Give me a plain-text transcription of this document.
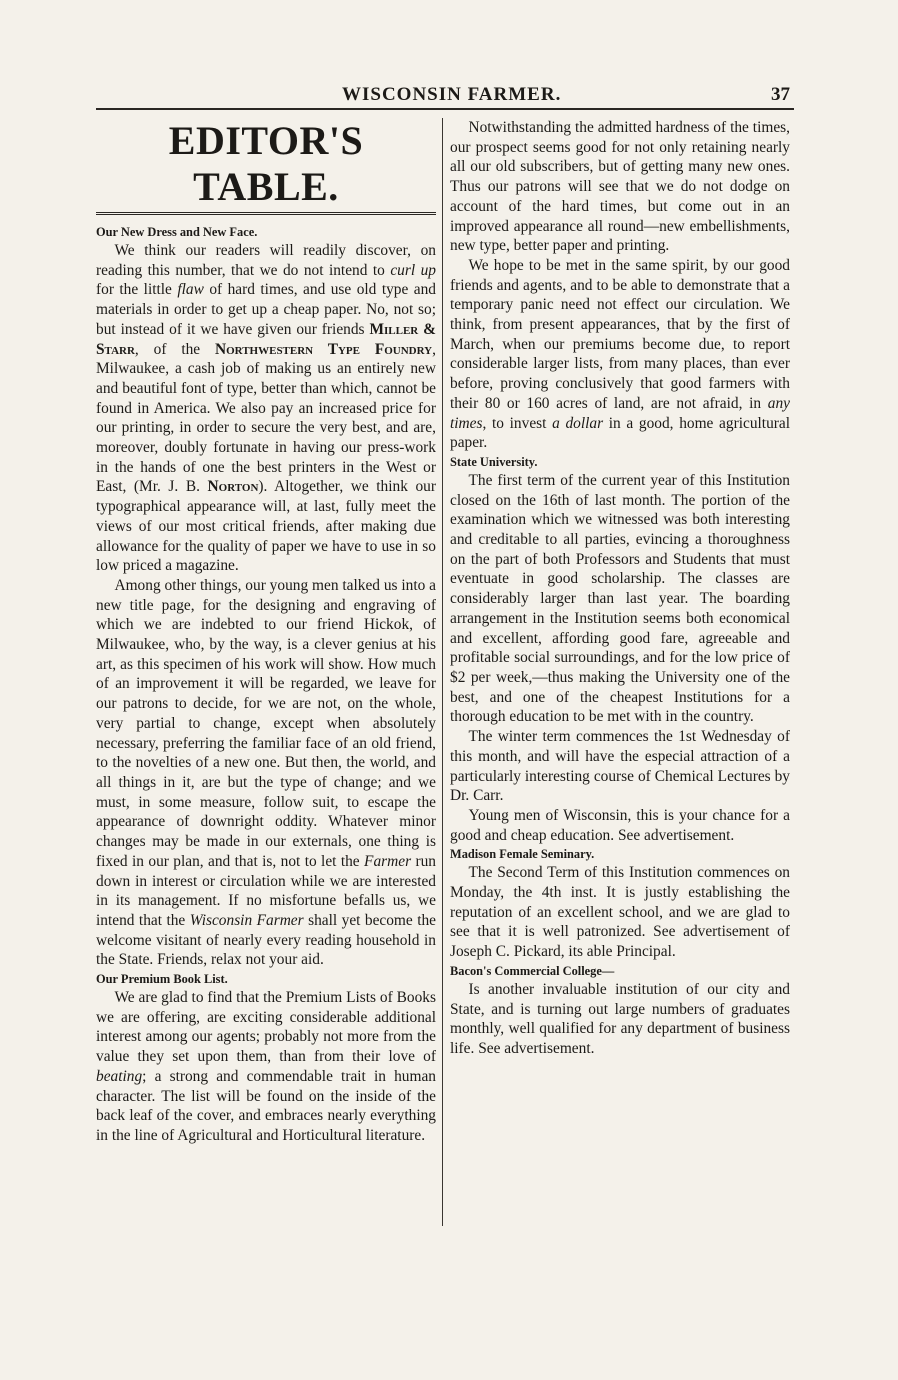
WISCONSIN FARMER.	37
EDITOR'S TABLE.
Our New Dress and New Face.

We think our readers will readily discover, on reading this number, that we do not intend to curl up for the little flaw of hard times, and use old type and materials in order to get up a cheap paper. No, not so; but instead of it we have given our friends Miller & Starr, of the Northwestern Type Foundry, Milwaukee, a cash job of making us an entirely new and beautiful font of type, better than which, cannot be found in America. We also pay an increased price for our printing, in order to secure the very best, and are, moreover, doubly fortunate in having our press-work in the hands of one the best printers in the West or East, (Mr. J. B. Norton). Altogether, we think our typographical appearance will, at last, fully meet the views of our most critical friends, after making due allowance for the quality of paper we have to use in so low priced a magazine.

Among other things, our young men talked us into a new title page, for the designing and engraving of which we are indebted to our friend Hickok, of Milwaukee, who, by the way, is a clever genius at his art, as this specimen of his work will show. How much of an improvement it will be regarded, we leave for our patrons to decide, for we are not, on the whole, very partial to change, except when absolutely necessary, preferring the familiar face of an old friend, to the novelties of a new one. But then, the world, and all things in it, are but the type of change; and we must, in some measure, follow suit, to escape the appearance of downright oddity. Whatever minor changes may be made in our externals, one thing is fixed in our plan, and that is, not to let the Farmer run down in interest or circulation while we are interested in its management. If no misfortune befalls us, we intend that the Wisconsin Farmer shall yet become the welcome visitant of nearly every reading household in the State. Friends, relax not your aid.

Our Premium Book List.

We are glad to find that the Premium Lists of Books we are offering, are exciting considerable additional interest among our agents; probably not more from the value they set upon them, than from their love of beating; a strong and commendable trait in human character. The list will be found on the inside of the back leaf of the cover, and embraces nearly everything in the line of Agricultural and Horticultural literature.

Notwithstanding the admitted hardness of the times, our prospect seems good for not only retaining nearly all our old subscribers, but of getting many new ones. Thus our patrons will see that we do not dodge on account of the hard times, but come out in an improved appearance all round—new embellishments, new type, better paper and printing.

We hope to be met in the same spirit, by our good friends and agents, and to be able to demonstrate that a temporary panic need not effect our circulation. We think, from present appearances, that by the first of March, when our premiums become due, to report considerable larger lists, from many places, than ever before, proving conclusively that good farmers with their 80 or 160 acres of land, are not afraid, in any times, to invest a dollar in a good, home agricultural paper.

State University.

The first term of the current year of this Institution closed on the 16th of last month. The portion of the examination which we witnessed was both interesting and creditable to all parties, evincing a thoroughness on the part of both Professors and Students that must eventuate in good scholarship. The classes are considerably larger than last year. The boarding arrangement in the Institution seems both economical and excellent, affording good fare, agreeable and profitable social surroundings, and for the low price of $2 per week,—thus making the University one of the best, and one of the cheapest Institutions for a thorough education to be met with in the country.

The winter term commences the 1st Wednesday of this month, and will have the especial attraction of a particularly interesting course of Chemical Lectures by Dr. Carr.

Young men of Wisconsin, this is your chance for a good and cheap education. See advertisement.

Madison Female Seminary.

The Second Term of this Institution commences on Monday, the 4th inst. It is justly establishing the reputation of an excellent school, and we are glad to see that it is well patronized. See advertisement of Joseph C. Pickard, its able Principal.

Bacon's Commercial College—

Is another invaluable institution of our city and State, and is turning out large numbers of graduates monthly, well qualified for any department of business life. See advertisement.
